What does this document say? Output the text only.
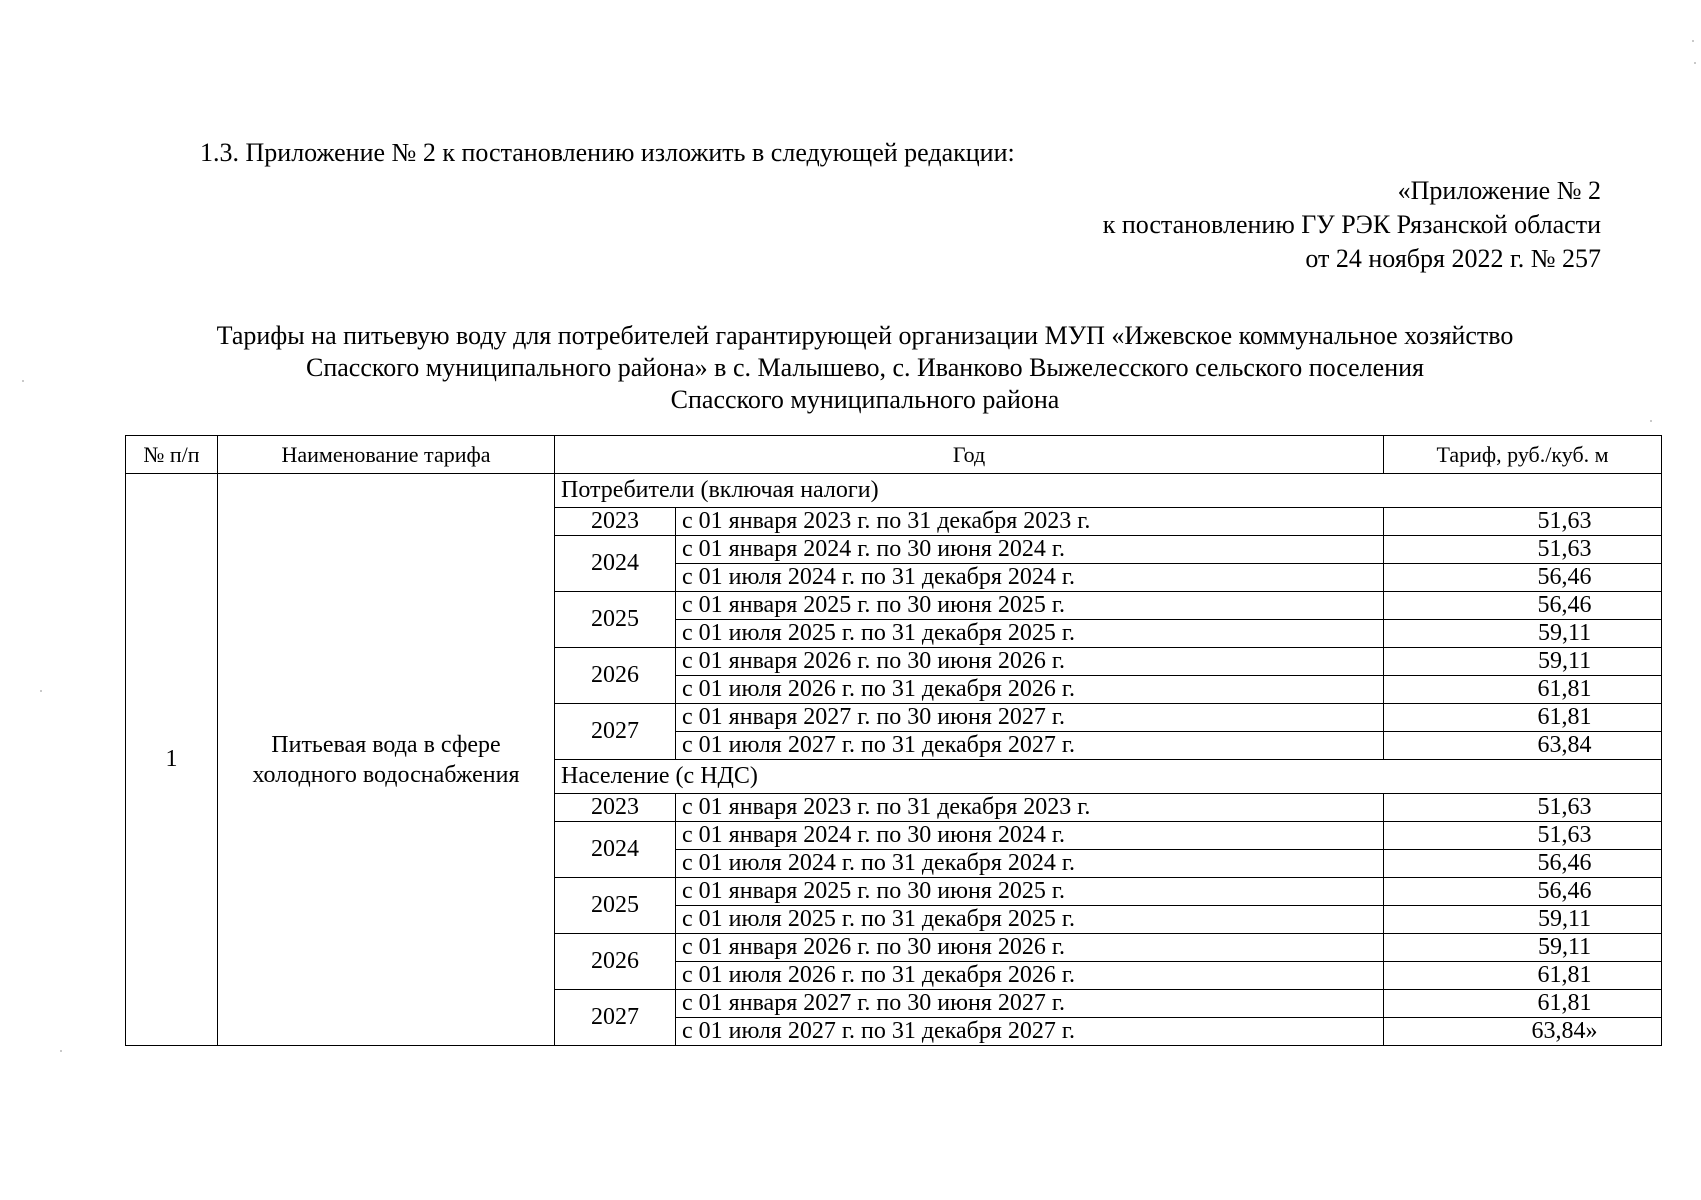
1.3. Приложение № 2 к постановлению изложить в следующей редакции:
«Приложение № 2
к постановлению ГУ РЭК Рязанской области
от 24 ноября 2022 г. № 257
Тарифы на питьевую воду для потребителей гарантирующей организации МУП «Ижевское коммунальное хозяйство
Спасского муниципального района» в с. Малышево, с. Иванково Выжелесского сельского поселения
Спасского муниципального района
№ п/п	Наименование тарифа	Год		Тариф, руб./куб. м
1	Питьевая вода в сфере холодного водоснабжения	Потребители (включая налоги)		
		2023	с 01 января 2023 г. по 31 декабря 2023 г.	51,63
		2024	с 01 января 2024 г. по 30 июня 2024 г.	51,63
			с 01 июля 2024 г. по 31 декабря 2024 г.	56,46
		2025	с 01 января 2025 г. по 30 июня 2025 г.	56,46
			с 01 июля 2025 г. по 31 декабря 2025 г.	59,11
		2026	с 01 января 2026 г. по 30 июня 2026 г.	59,11
			с 01 июля 2026 г. по 31 декабря 2026 г.	61,81
		2027	с 01 января 2027 г. по 30 июня 2027 г.	61,81
			с 01 июля 2027 г. по 31 декабря 2027 г.	63,84
		Население (с НДС)		
		2023	с 01 января 2023 г. по 31 декабря 2023 г.	51,63
		2024	с 01 января 2024 г. по 30 июня 2024 г.	51,63
			с 01 июля 2024 г. по 31 декабря 2024 г.	56,46
		2025	с 01 января 2025 г. по 30 июня 2025 г.	56,46
			с 01 июля 2025 г. по 31 декабря 2025 г.	59,11
		2026	с 01 января 2026 г. по 30 июня 2026 г.	59,11
			с 01 июля 2026 г. по 31 декабря 2026 г.	61,81
		2027	с 01 января 2027 г. по 30 июня 2027 г.	61,81
			с 01 июля 2027 г. по 31 декабря 2027 г.	63,84»
